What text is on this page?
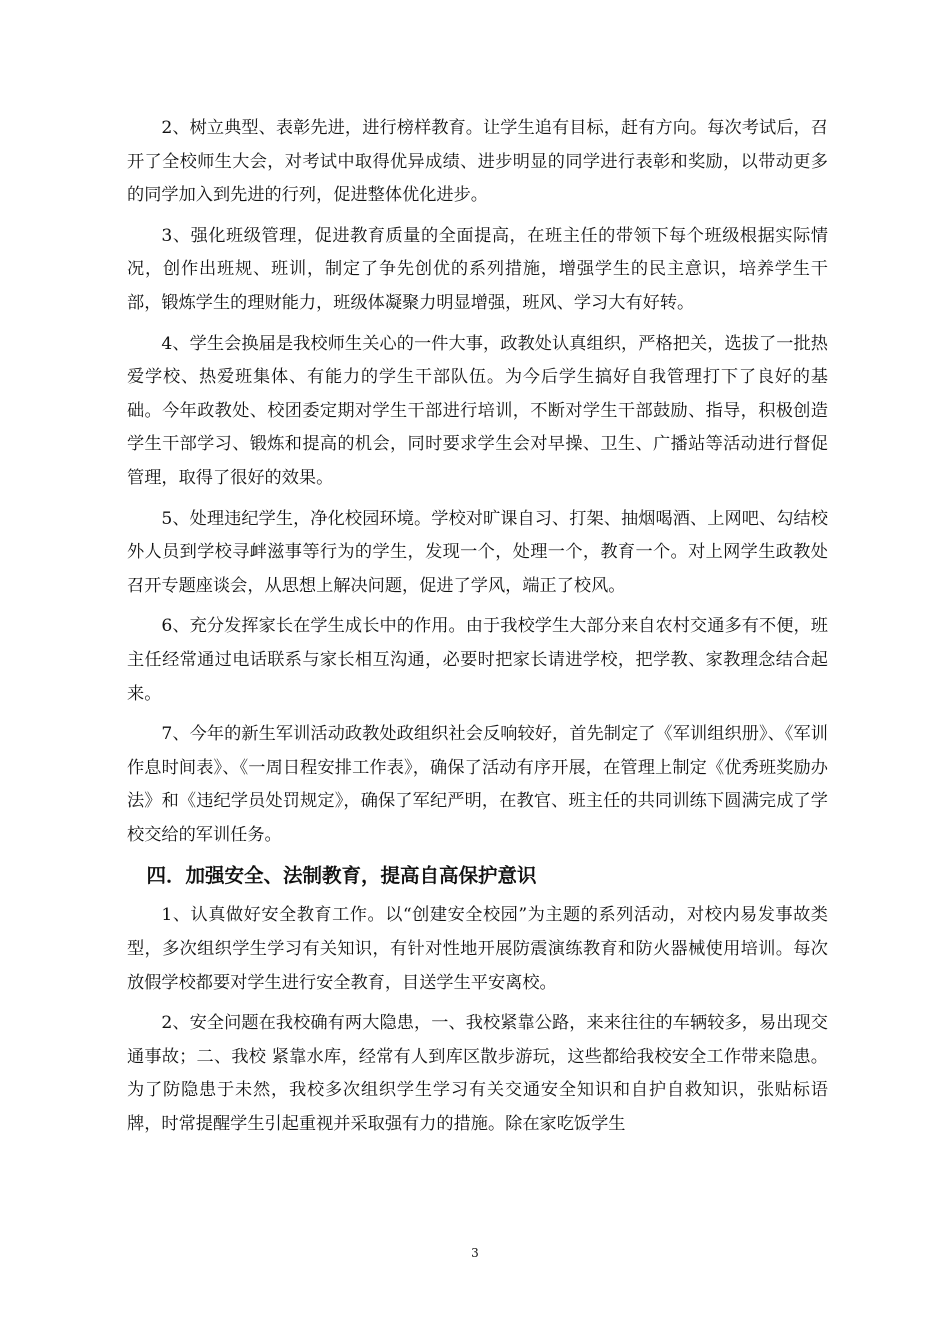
2、树立典型、表彰先进，进行榜样教育。让学生追有目标，赶有方向。每次考试后，召开了全校师生大会，对考试中取得优异成绩、进步明显的同学进行表彰和奖励，以带动更多的同学加入到先进的行列，促进整体优化进步。

3、强化班级管理，促进教育质量的全面提高，在班主任的带领下每个班级根据实际情况，创作出班规、班训，制定了争先创优的系列措施，增强学生的民主意识，培养学生干部，锻炼学生的理财能力，班级体凝聚力明显增强，班风、学习大有好转。

4、学生会换届是我校师生关心的一件大事，政教处认真组织，严格把关，选拔了一批热爱学校、热爱班集体、有能力的学生干部队伍。为今后学生搞好自我管理打下了良好的基础。今年政教处、校团委定期对学生干部进行培训，不断对学生干部鼓励、指导，积极创造学生干部学习、锻炼和提高的机会，同时要求学生会对早操、卫生、广播站等活动进行督促管理，取得了很好的效果。

5、处理违纪学生，净化校园环境。学校对旷课自习、打架、抽烟喝酒、上网吧、勾结校外人员到学校寻衅滋事等行为的学生，发现一个，处理一个，教育一个。对上网学生政教处召开专题座谈会，从思想上解决问题，促进了学风，端正了校风。

6、充分发挥家长在学生成长中的作用。由于我校学生大部分来自农村交通多有不便，班主任经常通过电话联系与家长相互沟通，必要时把家长请进学校，把学教、家教理念结合起来。

7、今年的新生军训活动政教处政组织社会反响较好，首先制定了《军训组织册》、《军训作息时间表》、《一周日程安排工作表》，确保了活动有序开展，在管理上制定《优秀班奖励办法》和《违纪学员处罚规定》，确保了军纪严明，在教官、班主任的共同训练下圆满完成了学校交给的军训任务。

四．加强安全、法制教育，提高自高保护意识

1、认真做好安全教育工作。以“创建安全校园”为主题的系列活动，对校内易发事故类型，多次组织学生学习有关知识，有针对性地开展防震演练教育和防火器械使用培训。每次放假学校都要对学生进行安全教育，目送学生平安离校。

2、安全问题在我校确有两大隐患，一、我校紧靠公路，来来往往的车辆较多，易出现交通事故；二、我校 紧靠水库，经常有人到库区散步游玩，这些都给我校安全工作带来隐患。为了防隐患于未然，我校多次组织学生学习有关交通安全知识和自护自救知识，张贴标语牌，时常提醒学生引起重视并采取强有力的措施。除在家吃饭学生

3
